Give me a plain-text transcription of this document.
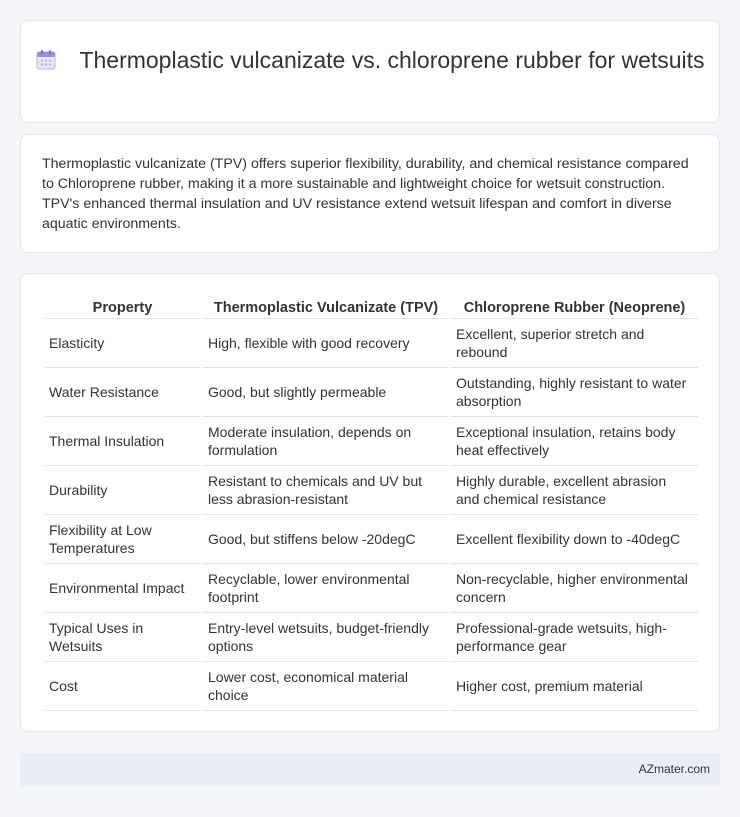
Thermoplastic vulcanizate vs. chloroprene rubber for wetsuits

Thermoplastic vulcanizate (TPV) offers superior flexibility, durability, and chemical resistance compared to Chloroprene rubber, making it a more sustainable and lightweight choice for wetsuit construction. TPV's enhanced thermal insulation and UV resistance extend wetsuit lifespan and comfort in diverse aquatic environments.

Property	Thermoplastic Vulcanizate (TPV)	Chloroprene Rubber (Neoprene)
Elasticity	High, flexible with good recovery	Excellent, superior stretch and rebound
Water Resistance	Good, but slightly permeable	Outstanding, highly resistant to water absorption
Thermal Insulation	Moderate insulation, depends on formulation	Exceptional insulation, retains body heat effectively
Durability	Resistant to chemicals and UV but less abrasion-resistant	Highly durable, excellent abrasion and chemical resistance
Flexibility at Low Temperatures	Good, but stiffens below -20degC	Excellent flexibility down to -40degC
Environmental Impact	Recyclable, lower environmental footprint	Non-recyclable, higher environmental concern
Typical Uses in Wetsuits	Entry-level wetsuits, budget-friendly options	Professional-grade wetsuits, high-performance gear
Cost	Lower cost, economical material choice	Higher cost, premium material
AZmater.com
